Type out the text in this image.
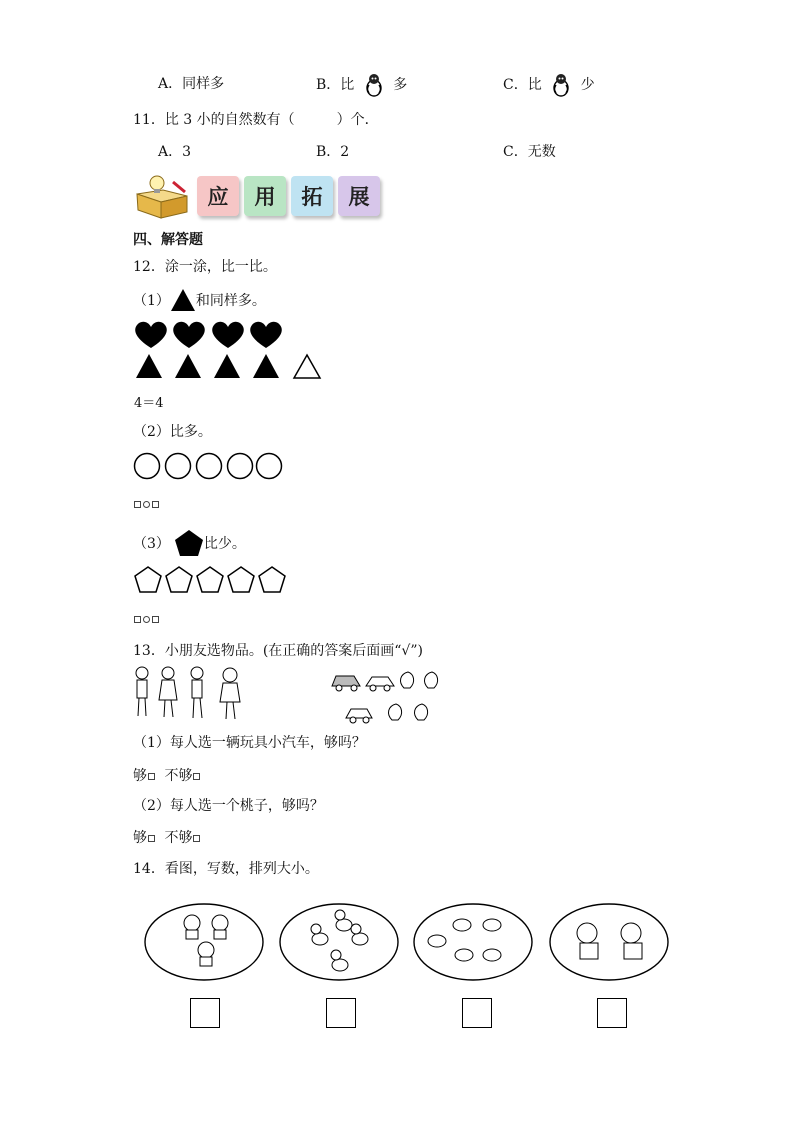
A．同样多	B．比	多	C．比	少
11．比 3 小的自然数有（　　　）个．
A．3	B．2	C．无数
应	用	拓	展
四、解答题
12．涂一涂，比一比。
（1） 和同样多。
4＝4
（2）比多。
（3） 比少。
13．小朋友选物品。(在正确的答案后面画“√”)
（1）每人选一辆玩具小汽车，够吗？
够 不够
（2）每人选一个桃子，够吗？
够 不够
14．看图，写数，排列大小。
